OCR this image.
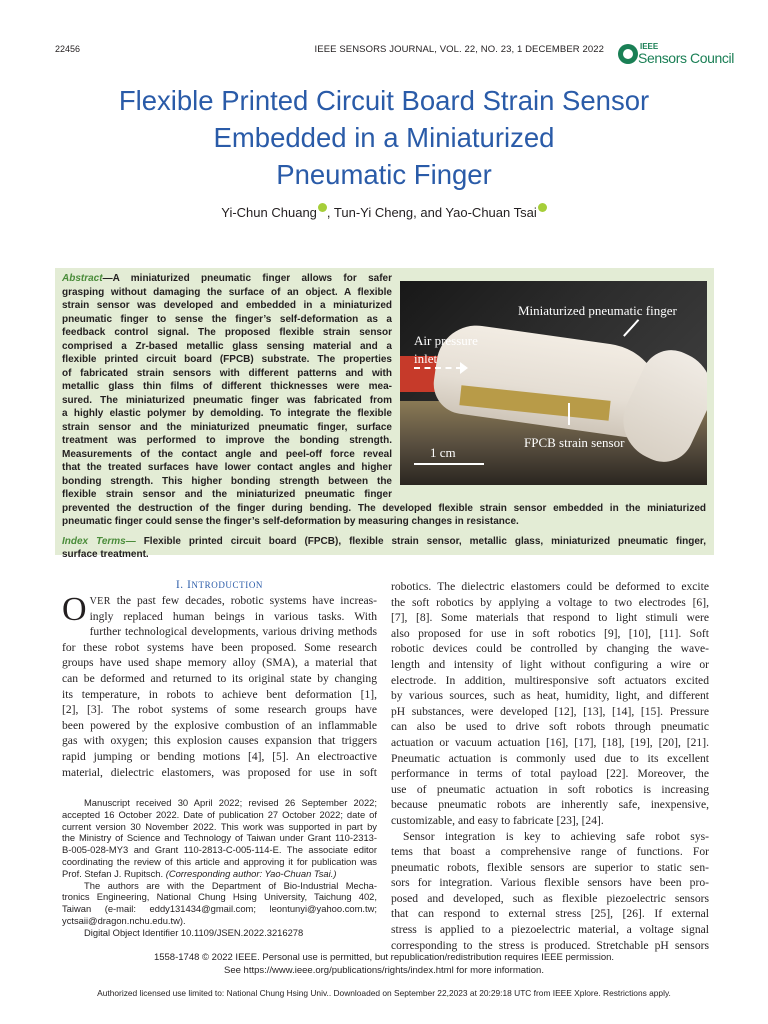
22456	IEEE SENSORS JOURNAL, VOL. 22, NO. 23, 1 DECEMBER 2022	IEEE
Sensors Council
Flexible Printed Circuit Board Strain Sensor
Embedded in a Miniaturized
Pneumatic Finger
Yi-Chun Chuang , Tun-Yi Cheng, and Yao-Chuan Tsai
Miniaturized pneumatic finger
Air pressure
inlet
FPCB strain sensor
1 cm
Abstract—A miniaturized pneumatic finger allows for safer
grasping without damaging the surface of an object. A flexible
strain sensor was developed and embedded in a miniaturized
pneumatic finger to sense the finger’s self-deformation as a
feedback control signal. The proposed flexible strain sensor
comprised a Zr-based metallic glass sensing material and a
flexible printed circuit board (FPCB) substrate. The properties
of fabricated strain sensors with different patterns and with
metallic glass thin films of different thicknesses were mea-
sured. The miniaturized pneumatic finger was fabricated from
a highly elastic polymer by demolding. To integrate the flexible
strain sensor and the miniaturized pneumatic finger, surface
treatment was performed to improve the bonding strength.
Measurements of the contact angle and peel-off force reveal
that the treated surfaces have lower contact angles and higher
bonding strength. This higher bonding strength between the
flexible strain sensor and the miniaturized pneumatic finger
prevented the destruction of the finger during bending. The developed flexible strain sensor embedded in the miniaturized
pneumatic finger could sense the finger’s self-deformation by measuring changes in resistance.
Index Terms— Flexible printed circuit board (FPCB), flexible strain sensor, metallic glass, miniaturized pneumatic finger,
surface treatment.
I. INTRODUCTION
O VER the past few decades, robotic systems have increas-
ingly replaced human beings in various tasks. With
further technological developments, various driving methods
for these robot systems have been proposed. Some research
groups have used shape memory alloy (SMA), a material that
can be deformed and returned to its original state by changing
its temperature, in robots to achieve bent deformation [1],
[2], [3]. The robot systems of some research groups have
been powered by the explosive combustion of an inflammable
gas with oxygen; this explosion causes expansion that triggers
rapid jumping or bending motions [4], [5]. An electroactive
material, dielectric elastomers, was proposed for use in soft
Manuscript received 30 April 2022; revised 26 September 2022;
accepted 16 October 2022. Date of publication 27 October 2022; date of
current version 30 November 2022. This work was supported in part by
the Ministry of Science and Technology of Taiwan under Grant 110-2313-
B-005-028-MY3 and Grant 110-2813-C-005-114-E. The associate editor
coordinating the review of this article and approving it for publication was
Prof. Stefan J. Rupitsch. (Corresponding author: Yao-Chuan Tsai.)
The authors are with the Department of Bio-Industrial Mecha-
tronics Engineering, National Chung Hsing University, Taichung 402,
Taiwan (e-mail: eddy131434@gmail.com; leontunyi@yahoo.com.tw;
yctsaii@dragon.nchu.edu.tw).
Digital Object Identifier 10.1109/JSEN.2022.3216278
robotics. The dielectric elastomers could be deformed to excite
the soft robotics by applying a voltage to two electrodes [6],
[7], [8]. Some materials that respond to light stimuli were
also proposed for use in soft robotics [9], [10], [11]. Soft
robotic devices could be controlled by changing the wave-
length and intensity of light without configuring a wire or
electrode. In addition, multiresponsive soft actuators excited
by various sources, such as heat, humidity, light, and different
pH substances, were developed [12], [13], [14], [15]. Pressure
can also be used to drive soft robots through pneumatic
actuation or vacuum actuation [16], [17], [18], [19], [20], [21].
Pneumatic actuation is commonly used due to its excellent
performance in terms of total payload [22]. Moreover, the
use of pneumatic actuation in soft robotics is increasing
because pneumatic robots are inherently safe, inexpensive,
customizable, and easy to fabricate [23], [24].
Sensor integration is key to achieving safe robot sys-
tems that boast a comprehensive range of functions. For
pneumatic robots, flexible sensors are superior to static sen-
sors for integration. Various flexible sensors have been pro-
posed and developed, such as flexible piezoelectric sensors
that can respond to external stress [25], [26]. If external
stress is applied to a piezoelectric material, a voltage signal
corresponding to the stress is produced. Stretchable pH sensors
1558-1748 © 2022 IEEE. Personal use is permitted, but republication/redistribution requires IEEE permission.
See https://www.ieee.org/publications/rights/index.html for more information.
Authorized licensed use limited to: National Chung Hsing Univ.. Downloaded on September 22,2023 at 20:29:18 UTC from IEEE Xplore. Restrictions apply.
